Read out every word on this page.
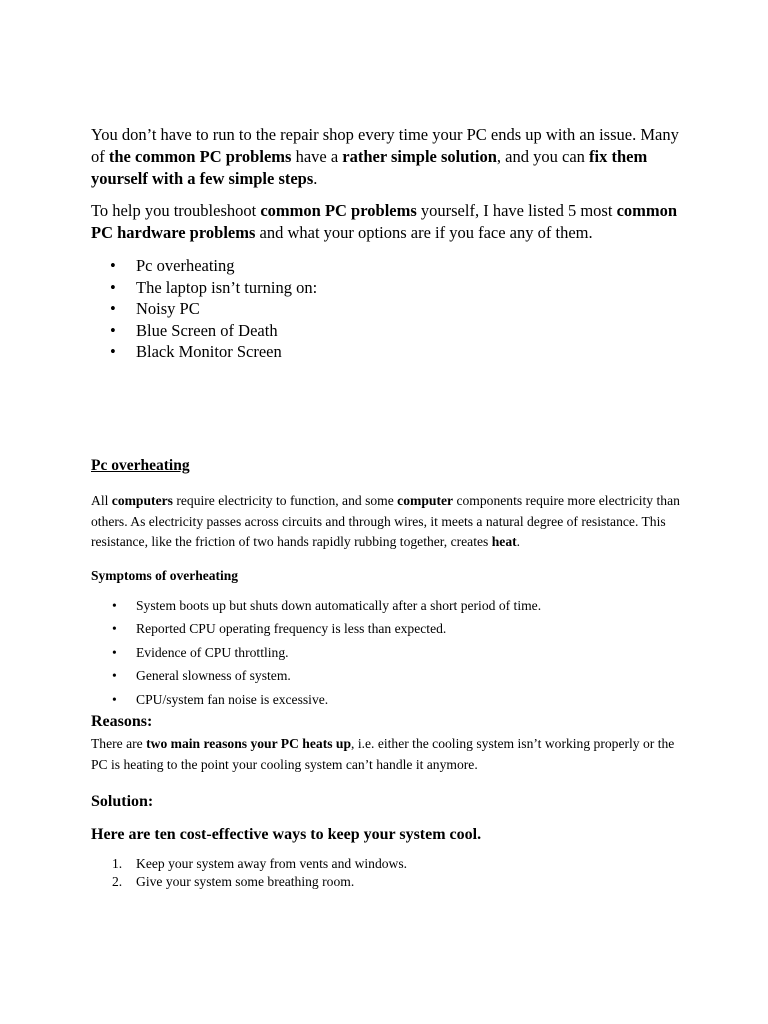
You don’t have to run to the repair shop every time your PC ends up with an issue. Many of the common PC problems have a rather simple solution, and you can fix them yourself with a few simple steps.

To help you troubleshoot common PC problems yourself, I have listed 5 most common PC hardware problems and what your options are if you face any of them.

• Pc overheating
• The laptop isn’t turning on:
• Noisy PC
• Blue Screen of Death
• Black Monitor Screen

Pc overheating

All computers require electricity to function, and some computer components require more electricity than others. As electricity passes across circuits and through wires, it meets a natural degree of resistance. This resistance, like the friction of two hands rapidly rubbing together, creates heat.

Symptoms of overheating

• System boots up but shuts down automatically after a short period of time.
• Reported CPU operating frequency is less than expected.
• Evidence of CPU throttling.
• General slowness of system.
• CPU/system fan noise is excessive.

Reasons:

There are two main reasons your PC heats up, i.e. either the cooling system isn’t working properly or the PC is heating to the point your cooling system can’t handle it anymore.

Solution:

Here are ten cost-effective ways to keep your system cool.

1. Keep your system away from vents and windows.
2. Give your system some breathing room.
